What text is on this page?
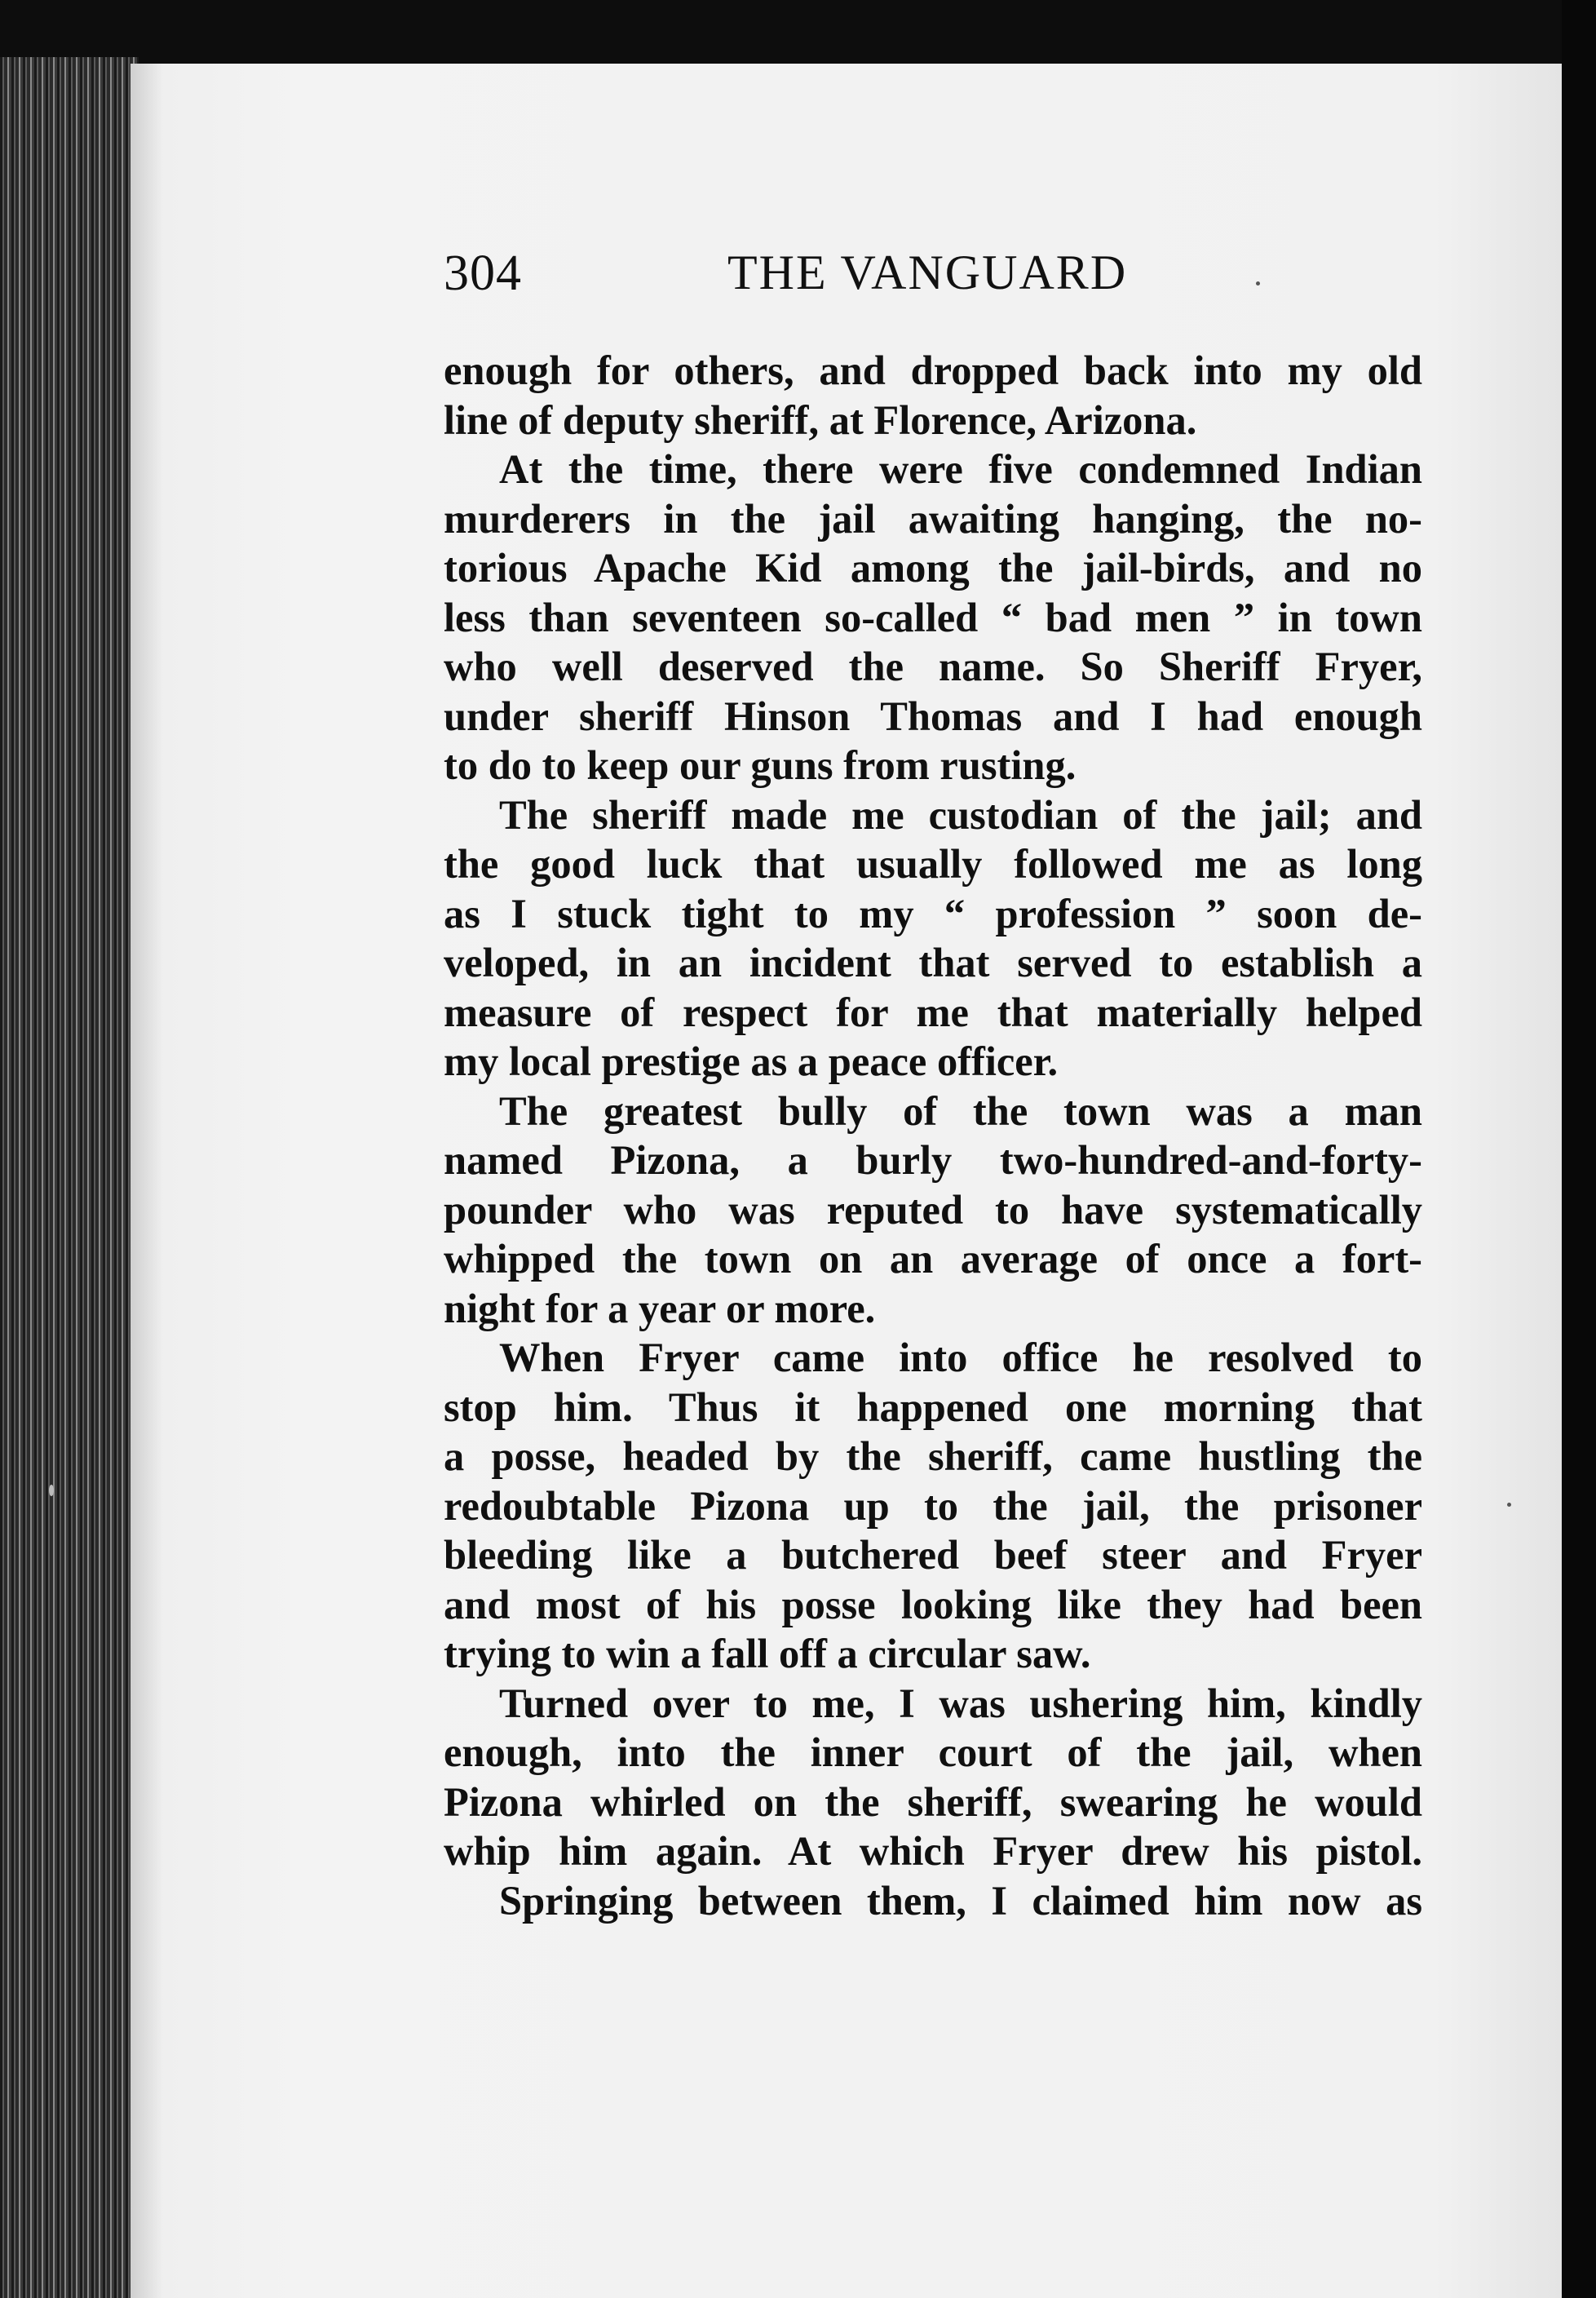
304	THE VANGUARD
enough for others, and dropped back into my old
line of deputy sheriff, at Florence, Arizona.
At the time, there were five condemned Indian
murderers in the jail awaiting hanging, the no-
torious Apache Kid among the jail-birds, and no
less than seventeen so-called “ bad men ” in town
who well deserved the name. So Sheriff Fryer,
under sheriff Hinson Thomas and I had enough
to do to keep our guns from rusting.
The sheriff made me custodian of the jail; and
the good luck that usually followed me as long
as I stuck tight to my “ profession ” soon de-
veloped, in an incident that served to establish a
measure of respect for me that materially helped
my local prestige as a peace officer.
The greatest bully of the town was a man
named Pizona, a burly two-hundred-and-forty-
pounder who was reputed to have systematically
whipped the town on an average of once a fort-
night for a year or more.
When Fryer came into office he resolved to
stop him. Thus it happened one morning that
a posse, headed by the sheriff, came hustling the
redoubtable Pizona up to the jail, the prisoner
bleeding like a butchered beef steer and Fryer
and most of his posse looking like they had been
trying to win a fall off a circular saw.
Turned over to me, I was ushering him, kindly
enough, into the inner court of the jail, when
Pizona whirled on the sheriff, swearing he would
whip him again. At which Fryer drew his pistol.
Springing between them, I claimed him now as
